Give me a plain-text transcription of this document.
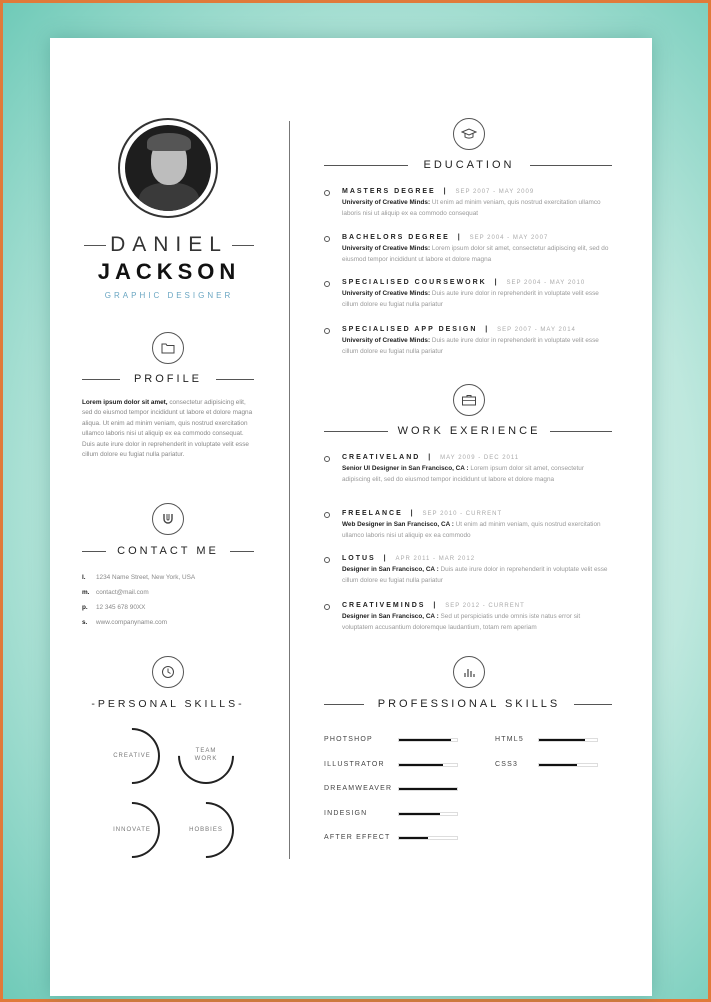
DANIEL
JACKSON
GRAPHIC DESIGNER
PROFILE
Lorem ipsum dolor sit amet, consectetur adipisicing elit, sed do eiusmod tempor incididunt ut labore et dolore magna aliqua. Ut enim ad minim veniam, quis nostrud exercitation ullamco laboris nisi ut aliquip ex ea commodo consequat. Duis aute irure dolor in reprehenderit in voluptate velit esse cillum dolore eu fugiat nulla pariatur.
CONTACT ME
l. 1234 Name Street, New York, USA
m. contact@mail.com
p. 12 345 678 90XX
s. www.companyname.com
-PERSONAL SKILLS-
CREATIVE
TEAM WORK
INNOVATE	HOBBIES
EDUCATION
MASTERS DEGREE  |  SEP 2007 - MAY 2009
University of Creative Minds: Ut enim ad minim veniam, quis nostrud exercitation ullamco laboris nisi ut aliquip ex ea commodo consequat
BACHELORS DEGREE  |  SEP 2004 - MAY 2007
University of Creative Minds: Lorem ipsum dolor sit amet, consectetur adipiscing elit, sed do eiusmod tempor incididunt ut labore et dolore magna
SPECIALISED COURSEWORK  |  SEP 2004 - MAY 2010
University of Creative Minds: Duis aute irure dolor in reprehenderit in voluptate velit esse cillum dolore eu fugiat nulla pariatur
SPECIALISED APP DESIGN  |  SEP 2007 - MAY 2014
University of Creative Minds: Duis aute irure dolor in reprehenderit in voluptate velit esse cillum dolore eu fugiat nulla pariatur
WORK EXERIENCE
CREATIVELAND  |  MAY 2009 - DEC 2011
Senior UI Designer in San Francisco, CA : Lorem ipsum dolor sit amet, consectetur adipiscing elit, sed do eiusmod tempor incididunt ut labore et dolore magna
FREELANCE  |  SEP 2010 - CURRENT
Web Designer in San Francisco, CA : Ut enim ad minim veniam, quis nostrud exercitation ullamco laboris nisi ut aliquip ex ea commodo
LOTUS  |  APR 2011 - MAR 2012
Designer in San Francisco, CA : Duis aute irure dolor in reprehenderit in voluptate velit esse cillum dolore eu fugiat nulla pariatur
CREATIVEMINDS  |  SEP 2012 - CURRENT
Designer in San Francisco, CA : Sed ut perspiciatis unde omnis iste natus error sit voluptatem accusantium doloremque laudantium, totam rem aperiam
PROFESSIONAL SKILLS
PHOTSHOP
ILLUSTRATOR
DREAMWEAVER
INDESIGN
AFTER EFFECT
HTML5
CSS3
